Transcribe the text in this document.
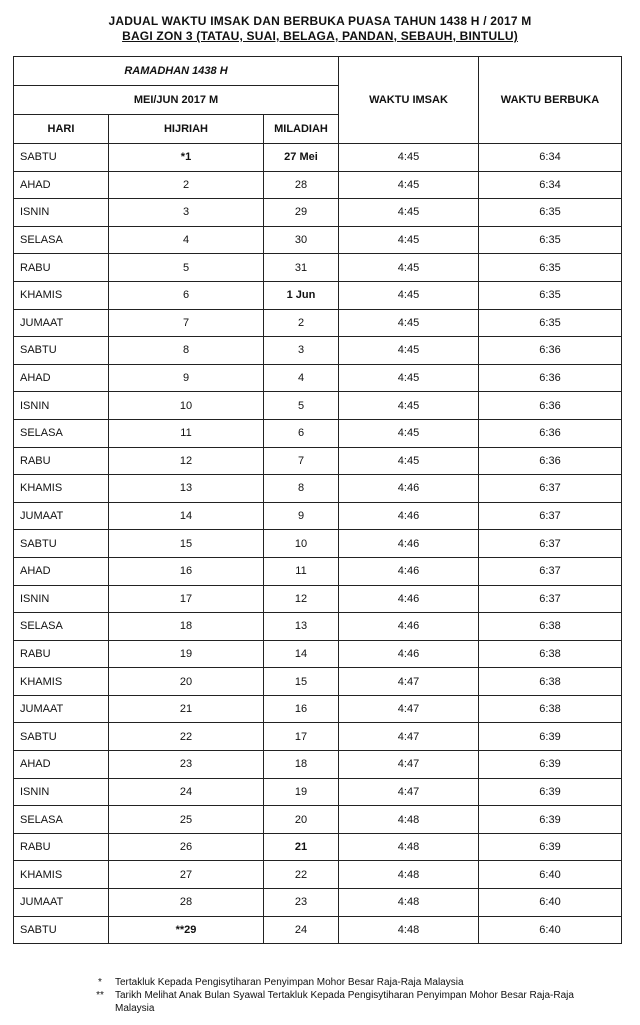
JADUAL WAKTU IMSAK DAN BERBUKA PUASA TAHUN 1438 H / 2017 M
BAGI ZON 3 (TATAU, SUAI, BELAGA, PANDAN, SEBAUH, BINTULU)
RAMADHAN 1438 H			WAKTU IMSAK	WAKTU BERBUKA
MEI/JUN 2017 M				
HARI	HIJRIAH	MILADIAH		
SABTU	*1	27 Mei	4:45	6:34
AHAD	2	28	4:45	6:34
ISNIN	3	29	4:45	6:35
SELASA	4	30	4:45	6:35
RABU	5	31	4:45	6:35
KHAMIS	6	1 Jun	4:45	6:35
JUMAAT	7	2	4:45	6:35
SABTU	8	3	4:45	6:36
AHAD	9	4	4:45	6:36
ISNIN	10	5	4:45	6:36
SELASA	11	6	4:45	6:36
RABU	12	7	4:45	6:36
KHAMIS	13	8	4:46	6:37
JUMAAT	14	9	4:46	6:37
SABTU	15	10	4:46	6:37
AHAD	16	11	4:46	6:37
ISNIN	17	12	4:46	6:37
SELASA	18	13	4:46	6:38
RABU	19	14	4:46	6:38
KHAMIS	20	15	4:47	6:38
JUMAAT	21	16	4:47	6:38
SABTU	22	17	4:47	6:39
AHAD	23	18	4:47	6:39
ISNIN	24	19	4:47	6:39
SELASA	25	20	4:48	6:39
RABU	26	21	4:48	6:39
KHAMIS	27	22	4:48	6:40
JUMAAT	28	23	4:48	6:40
SABTU	**29	24	4:48	6:40
*	Tertakluk Kepada Pengisytiharan Penyimpan Mohor Besar Raja-Raja Malaysia
**	Tarikh Melihat Anak Bulan Syawal Tertakluk Kepada Pengisytiharan Penyimpan Mohor Besar Raja-Raja Malaysia
